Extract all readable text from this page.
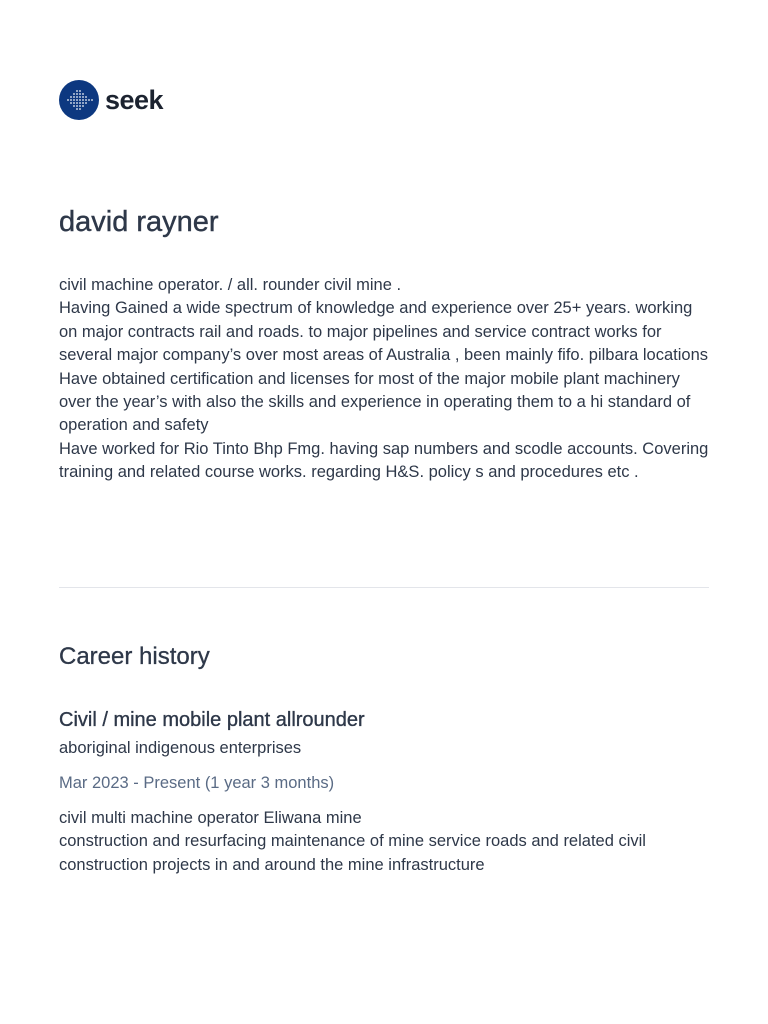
seek
david rayner

civil machine operator. / all. rounder civil mine .

Having Gained a wide spectrum of knowledge and experience over 25+ years. working on major contracts rail and roads. to major pipelines and service contract works for several major company’s over most areas of Australia , been mainly fifo. pilbara locations

Have obtained certification and licenses for most of the major mobile plant machinery over the year’s with also the skills and experience in operating them to a hi standard of operation and safety

Have worked for Rio Tinto Bhp Fmg. having sap numbers and scodle accounts. Covering training and related course works. regarding H&S. policy s and procedures etc .

Career history
Civil / mine mobile plant allrounder
aboriginal indigenous enterprises
Mar 2023 - Present (1 year 3 months)

civil multi machine operator Eliwana mine

construction and resurfacing maintenance of mine service roads and related civil construction projects in and around the mine infrastructure
